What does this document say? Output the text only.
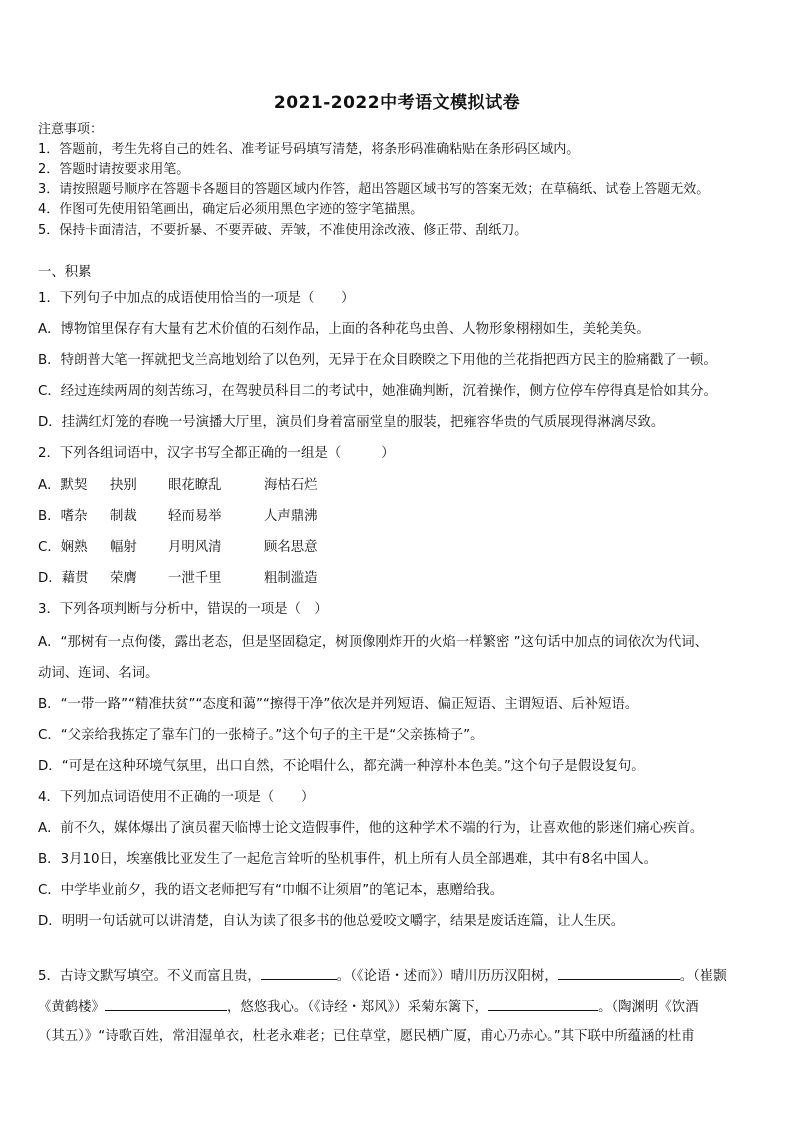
2021-2022中考语文模拟试卷
注意事项：
1．答题前，考生先将自己的姓名、准考证号码填写清楚，将条形码准确粘贴在条形码区域内。
2．答题时请按要求用笔。
3．请按照题号顺序在答题卡各题目的答题区域内作答，超出答题区域书写的答案无效；在草稿纸、试卷上答题无效。
4．作图可先使用铅笔画出，确定后必须用黑色字迹的签字笔描黑。
5．保持卡面清洁，不要折暴、不要弄破、弄皱，不准使用涂改液、修正带、刮纸刀。
一、积累
1．下列句子中加点的成语使用恰当的一项是（　　）
A．博物馆里保存有大量有艺术价值的石刻作品，上面的各种花鸟虫兽、人物形象栩栩如生，美轮美奂。
B．特朗普大笔一挥就把戈兰高地划给了以色列，无异于在众目睽睽之下用他的兰花指把西方民主的脸痛戳了一顿。
C．经过连续两周的刻苦练习，在驾驶员科目二的考试中，她准确判断，沉着操作，侧方位停车停得真是恰如其分。
D．挂满红灯笼的春晚一号演播大厅里，演员们身着富丽堂皇的服装，把雍容华贵的气质展现得淋漓尽致。
2．下列各组词语中，汉字书写全都正确的一组是（　　　）
A．默契 抉别 眼花瞭乱	海枯石烂
B．嗜杂 制裁 轻而易举	人声鼎沸
C．娴熟 幅射 月明风清	顾名思意
D．藉贯 荣膺 一泄千里	粗制滥造
3．下列各项判断与分析中，错误的一项是（　）
A．“那树有一点佝偻，露出老态，但是坚固稳定，树顶像刚炸开的火焰一样繁密 ”这句话中加点的词依次为代词、
动词、连词、名词。
B．“一带一路”“精准扶贫”“态度和蔼”“擦得干净”依次是并列短语、偏正短语、主谓短语、后补短语。
C．“父亲给我拣定了靠车门的一张椅子。”这个句子的主干是“父亲拣椅子”。
D．“可是在这种环境气氛里，出口自然，不论唱什么，都充满一种淳朴本色美。”这个句子是假设复句。
4．下列加点词语使用不正确的一项是（　　）
A．前不久，媒体爆出了演员翟天临博士论文造假事件，他的这种学术不端的行为，让喜欢他的影迷们痛心疾首。
B．3月10日，埃塞俄比亚发生了一起危言耸听的坠机事件，机上所有人员全部遇难，其中有8名中国人。
C．中学毕业前夕，我的语文老师把写有“巾帼不让须眉”的笔记本，惠赠给我。
D．明明一句话就可以讲清楚，自认为读了很多书的他总爱咬文嚼字，结果是废话连篇，让人生厌。
5．古诗文默写填空。不义而富且贵，	。（《论语・述而》）晴川历历汉阳树，	。（崔颢
《黄鹤楼》	，悠悠我心。（《诗经・郑风》）采菊东篱下，	。（陶渊明《饮酒
（其五）》“诗歌百姓，常泪湿单衣，杜老永难老；已住草堂，愿民栖广厦，甫心乃赤心。”其下联中所蕴涵的杜甫
